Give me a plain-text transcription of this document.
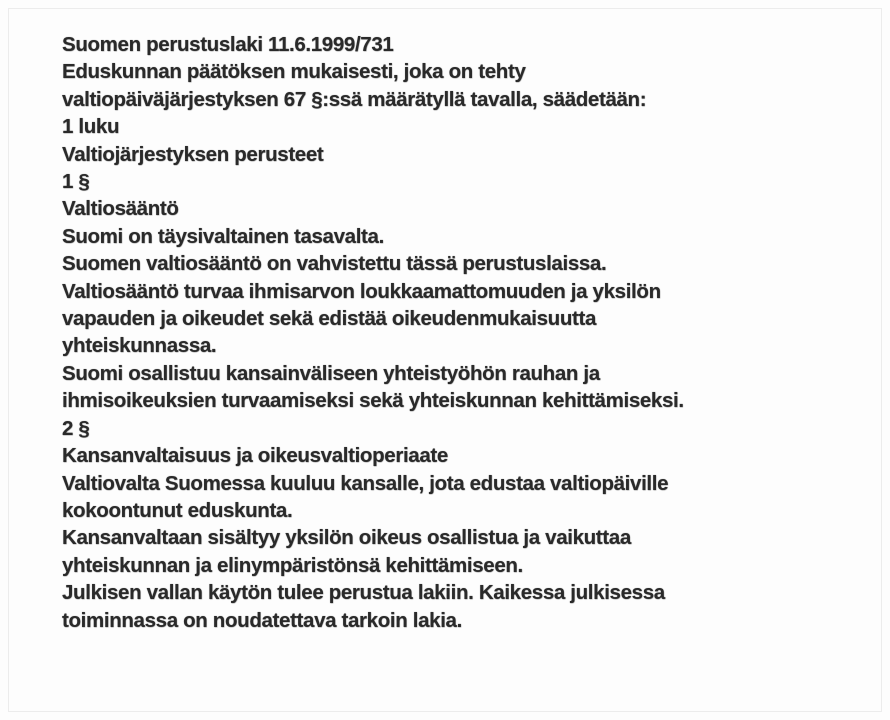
Suomen perustuslaki 11.6.1999/731
Eduskunnan päätöksen mukaisesti, joka on tehty
valtiopäiväjärjestyksen 67 §:ssä määrätyllä tavalla, säädetään:
1 luku
Valtiojärjestyksen perusteet
1 §
Valtiosääntö
Suomi on täysivaltainen tasavalta.
Suomen valtiosääntö on vahvistettu tässä perustuslaissa.
Valtiosääntö turvaa ihmisarvon loukkaamattomuuden ja yksilön
vapauden ja oikeudet sekä edistää oikeudenmukaisuutta
yhteiskunnassa.
Suomi osallistuu kansainväliseen yhteistyöhön rauhan ja
ihmisoikeuksien turvaamiseksi sekä yhteiskunnan kehittämiseksi.
2 §
Kansanvaltaisuus ja oikeusvaltioperiaate
Valtiovalta Suomessa kuuluu kansalle, jota edustaa valtiopäiville
kokoontunut eduskunta.
Kansanvaltaan sisältyy yksilön oikeus osallistua ja vaikuttaa
yhteiskunnan ja elinympäristönsä kehittämiseen.
Julkisen vallan käytön tulee perustua lakiin. Kaikessa julkisessa
toiminnassa on noudatettava tarkoin lakia.
